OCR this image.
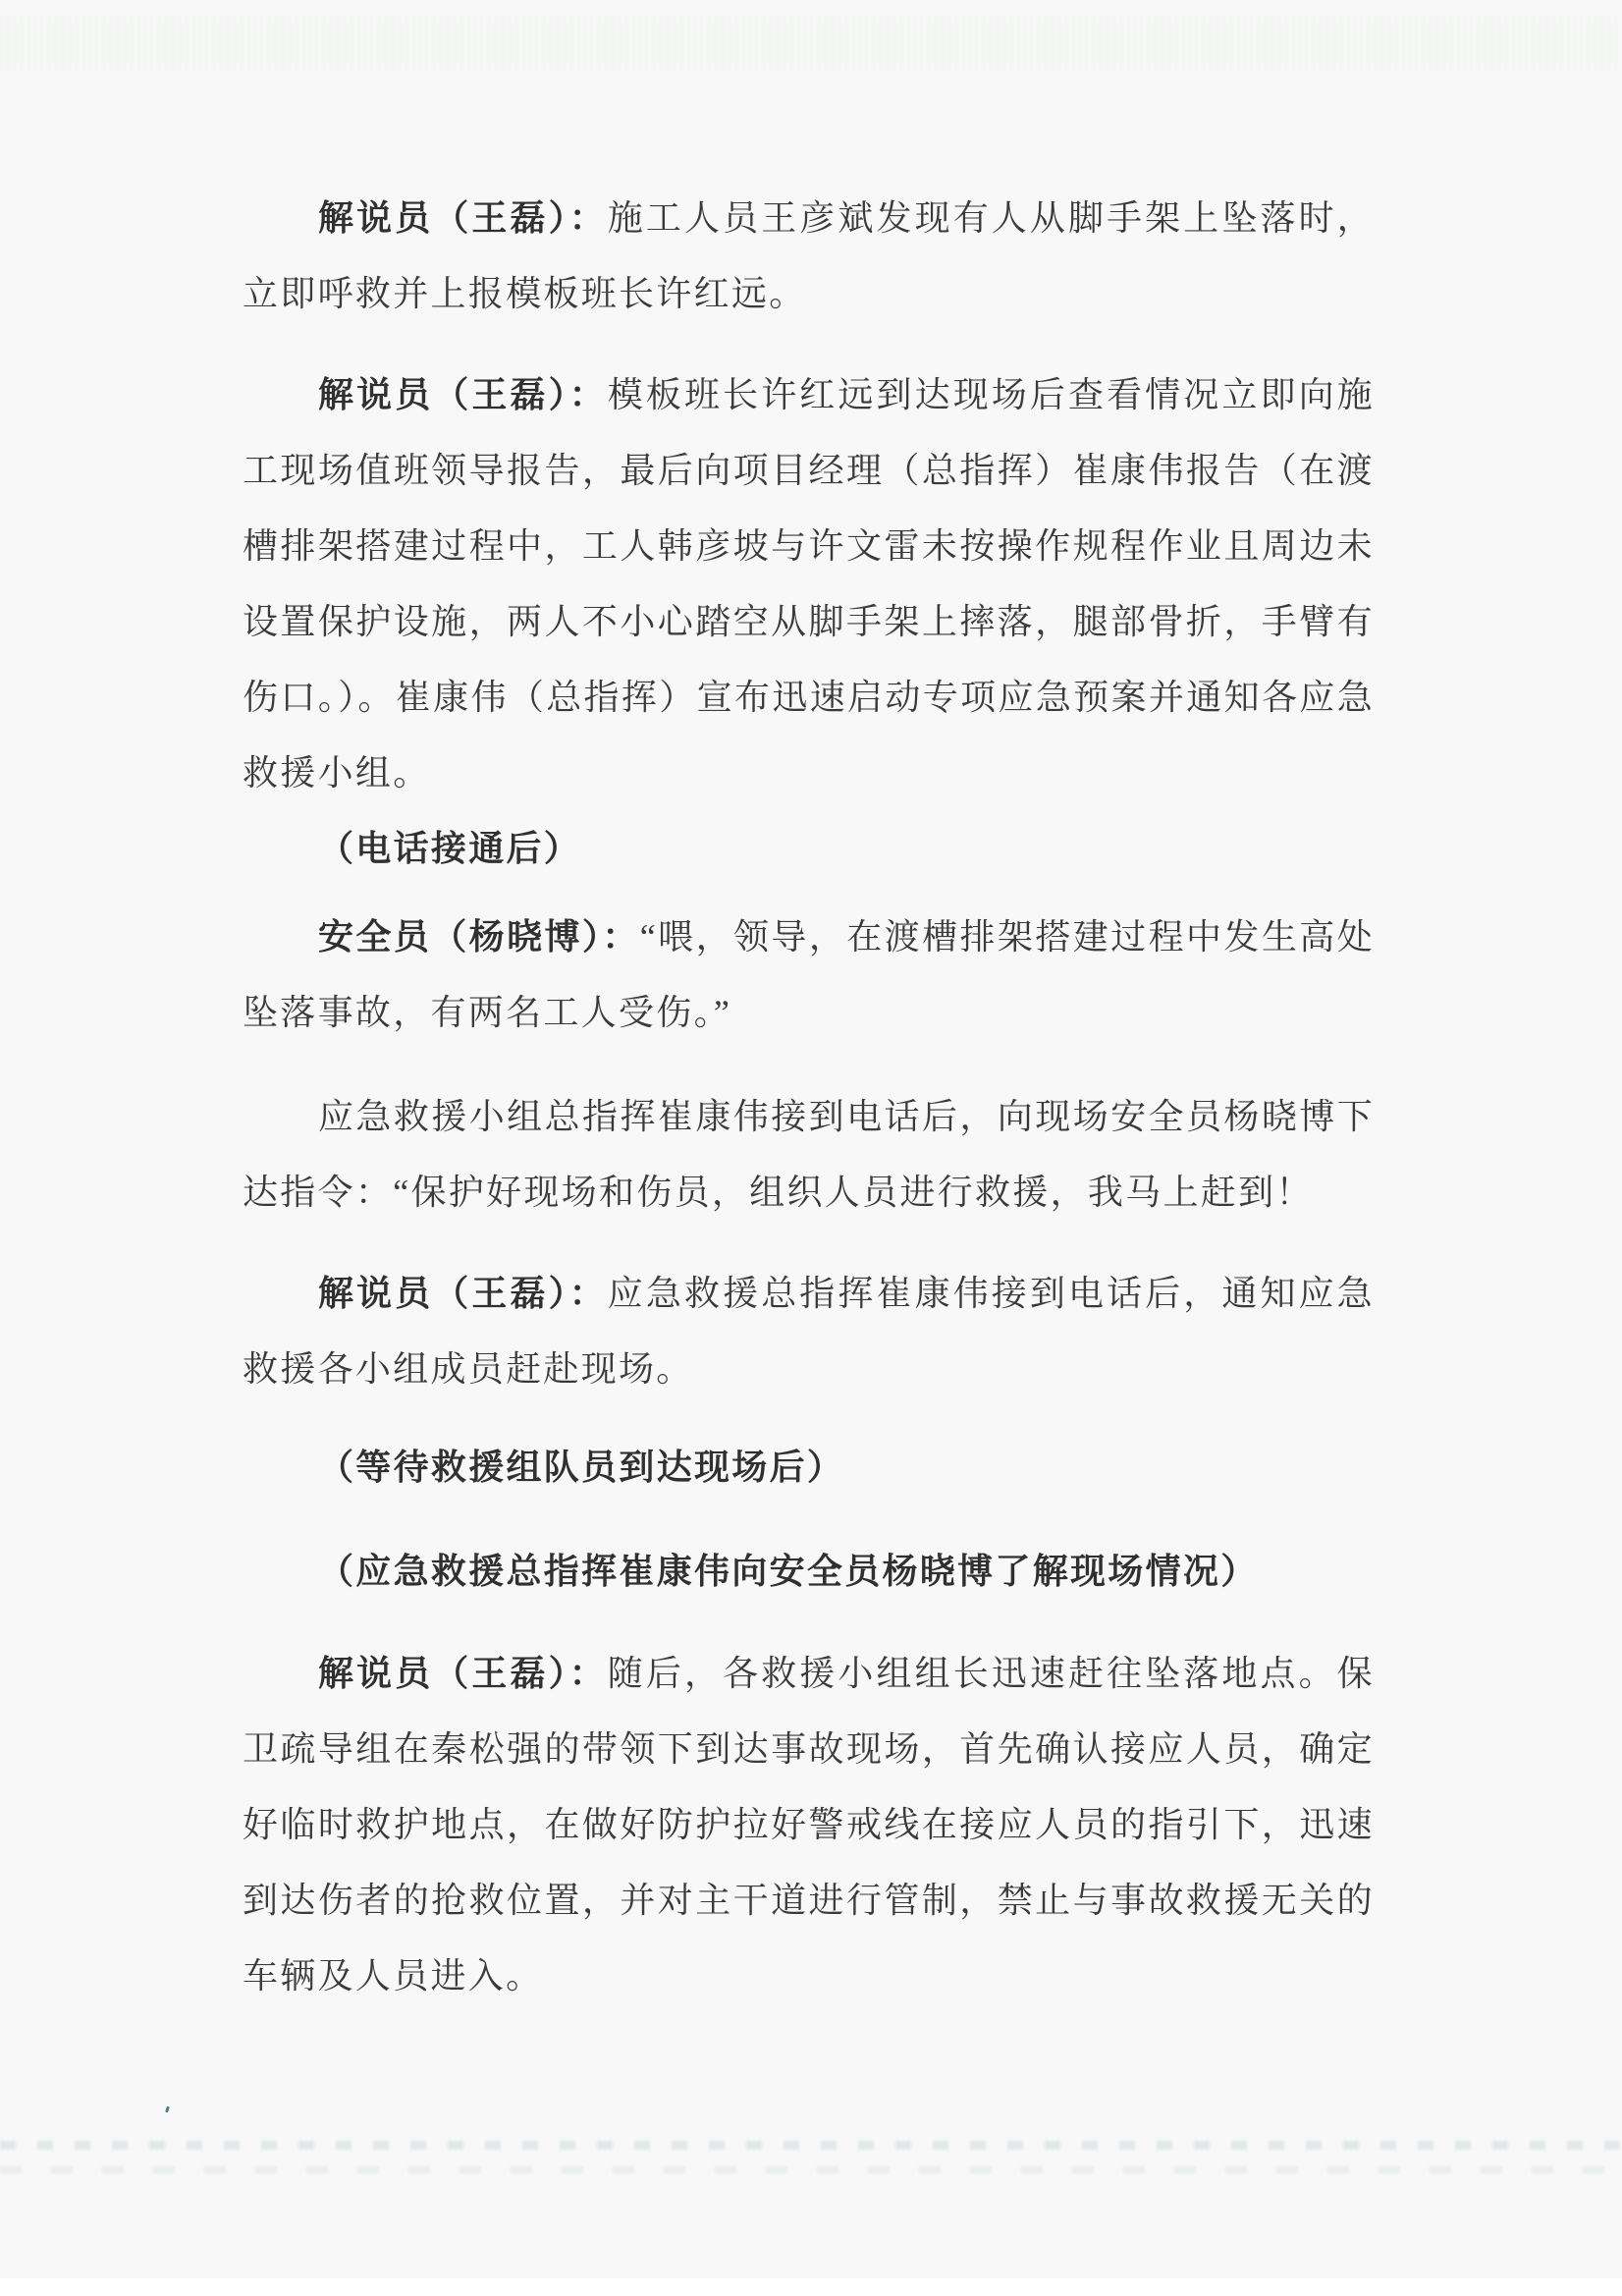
解说员（王磊）：施工人员王彦斌发现有人从脚手架上坠落时，立即呼救并上报模板班长许红远。

解说员（王磊）：模板班长许红远到达现场后查看情况立即向施工现场值班领导报告，最后向项目经理（总指挥）崔康伟报告（在渡槽排架搭建过程中，工人韩彦坡与许文雷未按操作规程作业且周边未设置保护设施，两人不小心踏空从脚手架上摔落，腿部骨折，手臂有伤口。）。崔康伟（总指挥）宣布迅速启动专项应急预案并通知各应急救援小组。

（电话接通后）

安全员（杨晓博）：“喂，领导，在渡槽排架搭建过程中发生高处坠落事故，有两名工人受伤。”

应急救援小组总指挥崔康伟接到电话后，向现场安全员杨晓博下达指令：“保护好现场和伤员，组织人员进行救援，我马上赶到！

解说员（王磊）：应急救援总指挥崔康伟接到电话后，通知应急救援各小组成员赶赴现场。

（等待救援组队员到达现场后）

（应急救援总指挥崔康伟向安全员杨晓博了解现场情况）

解说员（王磊）：随后，各救援小组组长迅速赶往坠落地点。保卫疏导组在秦松强的带领下到达事故现场，首先确认接应人员，确定好临时救护地点，在做好防护拉好警戒线在接应人员的指引下，迅速到达伤者的抢救位置，并对主干道进行管制，禁止与事故救援无关的车辆及人员进入。
